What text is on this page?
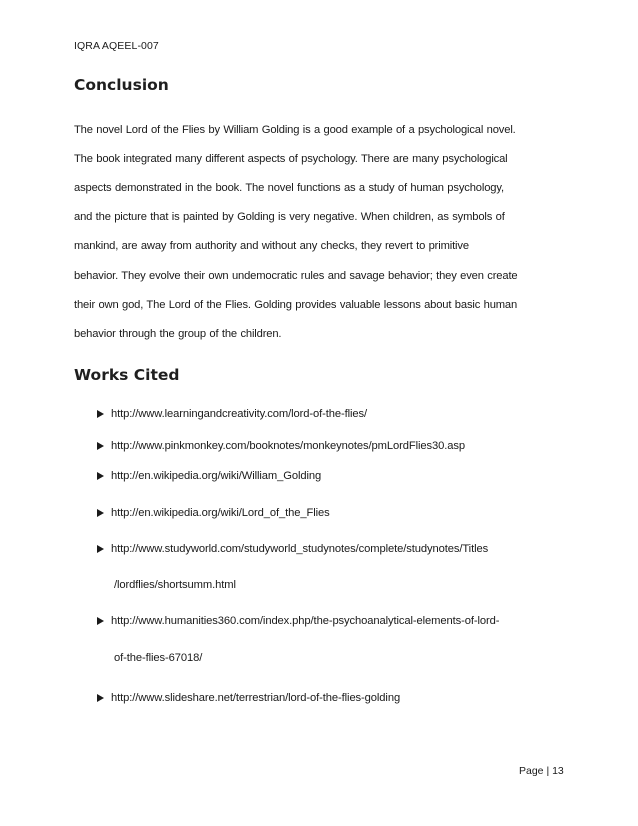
IQRA AQEEL-007
Conclusion
The novel Lord of the Flies by William Golding is a good example of a psychological novel.
The book integrated many different aspects of psychology. There are many psychological
aspects demonstrated in the book. The novel functions as a study of human psychology,
and the picture that is painted by Golding is very negative. When children, as symbols of
mankind, are away from authority and without any checks, they revert to primitive
behavior. They evolve their own undemocratic rules and savage behavior; they even create
their own god, The Lord of the Flies. Golding provides valuable lessons about basic human
behavior through the group of the children.
Works Cited
http://www.learningandcreativity.com/lord-of-the-flies/
http://www.pinkmonkey.com/booknotes/monkeynotes/pmLordFlies30.asp
http://en.wikipedia.org/wiki/William_Golding
http://en.wikipedia.org/wiki/Lord_of_the_Flies
http://www.studyworld.com/studyworld_studynotes/complete/studynotes/Titles
/lordflies/shortsumm.html
http://www.humanities360.com/index.php/the-psychoanalytical-elements-of-lord-
of-the-flies-67018/
http://www.slideshare.net/terrestrian/lord-of-the-flies-golding
Page | 13
